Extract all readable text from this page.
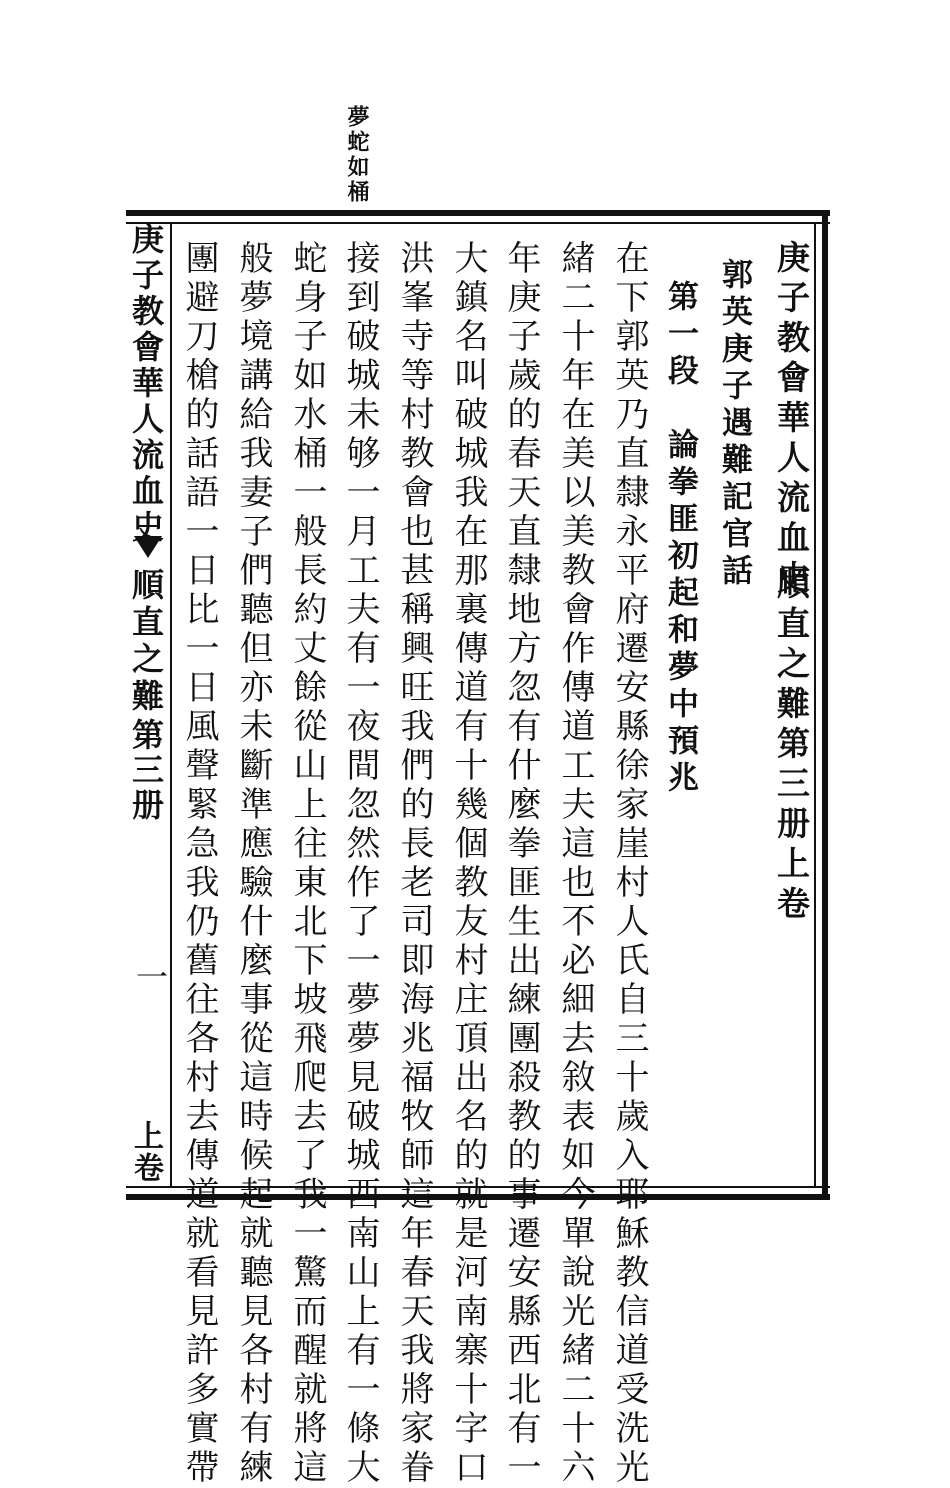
夢蛇如桶
庚子教會華人流血史
順直之難第三册上卷
郭英庚子遇難記官話
第一段　論拳匪初起和夢中預兆
在下郭英乃直隸永平府遷安縣徐家崖村人氏自三十歲入耶穌教信道受洗光
緒二十年在美以美教會作傳道工夫這也不必細去敘表如今單說光緒二十六
年庚子歲的春天直隸地方忽有什麼拳匪生出練團殺教的事遷安縣西北有一
大鎮名叫破城我在那裏傳道有十幾個教友村庄頂出名的就是河南寨十字口
洪峯寺等村教會也甚稱興旺我們的長老司即海兆福牧師這年春天我將家眷
接到破城未够一月工夫有一夜間忽然作了一夢夢見破城西南山上有一條大
蛇身子如水桶一般長約丈餘從山上往東北下坡飛爬去了我一驚而醒就將這
般夢境講給我妻子們聽但亦未斷準應驗什麼事從這時候起就聽見各村有練
團避刀槍的話語一日比一日風聲緊急我仍舊往各村去傳道就看見許多實帶
庚子教會華人流血史
順直之難
第三册
一
上卷
